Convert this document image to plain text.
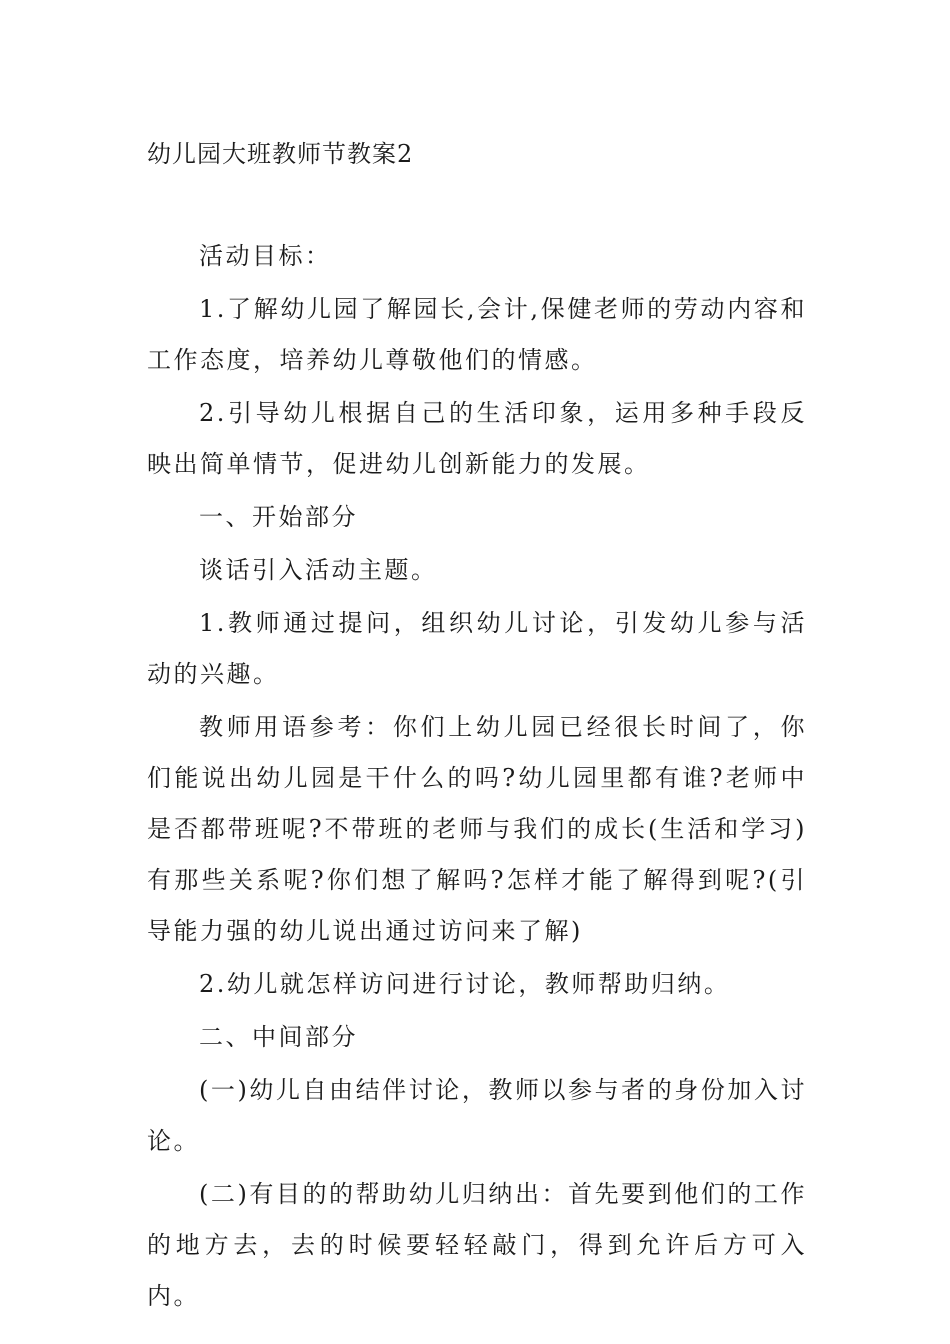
幼儿园大班教师节教案2

活动目标：

1.了解幼儿园了解园长,会计,保健老师的劳动内容和工作态度，培养幼儿尊敬他们的情感。

2.引导幼儿根据自己的生活印象，运用多种手段反映出简单情节，促进幼儿创新能力的发展。

一、开始部分

谈话引入活动主题。

1.教师通过提问，组织幼儿讨论，引发幼儿参与活动的兴趣。

教师用语参考：你们上幼儿园已经很长时间了，你们能说出幼儿园是干什么的吗?幼儿园里都有谁?老师中是否都带班呢?不带班的老师与我们的成长(生活和学习)有那些关系呢?你们想了解吗?怎样才能了解得到呢?(引导能力强的幼儿说出通过访问来了解)

2.幼儿就怎样访问进行讨论，教师帮助归纳。

二、中间部分

(一)幼儿自由结伴讨论，教师以参与者的身份加入讨论。

(二)有目的的帮助幼儿归纳出：首先要到他们的工作的地方去，去的时候要轻轻敲门，得到允许后方可入内。
